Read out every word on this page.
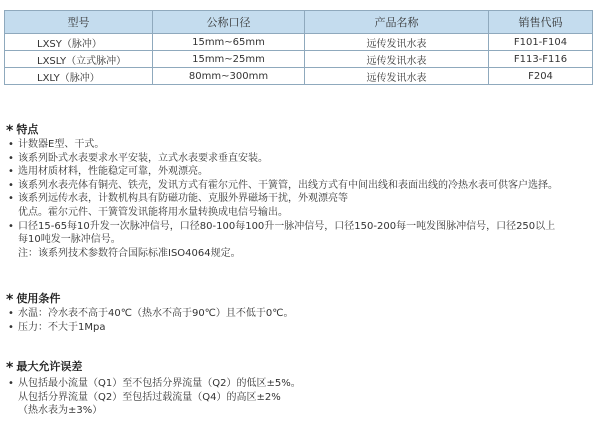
型号	公称口径	产品名称	销售代码
LXSY（脉冲）	15mm~65mm	远传发讯水表	F101-F104
LXSLY（立式脉冲）	15mm~25mm	远传发讯水表	F113-F116
LXLY（脉冲）	80mm~300mm	远传发讯水表	F204
* 特点
• 计数器E型、干式。
• 该系列卧式水表要求水平安装，立式水表要求垂直安装。
• 选用材质材料，性能稳定可靠，外观漂亮。
• 该系列水表壳体有铜壳、铁壳，发讯方式有霍尔元件、干簧管，出线方式有中间出线和表面出线的冷热水表可供客户选择。
• 该系列远传水表，计数机构具有防磁功能、克服外界磁场干扰，外观漂亮等
优点。霍尔元件、干簧管发讯能将用水量转换成电信号输出。
• 口径15-65每10升发一次脉冲信号，口径80-100每100升一脉冲信号，口径150-200每一吨发图脉冲信号，口径250以上
每10吨发一脉冲信号。
注：该系列技术参数符合国际标准ISO4064规定。
* 使用条件
• 水温：冷水表不高于40℃（热水不高于90℃）且不低于0℃。
• 压力：不大于1Mpa
* 最大允许误差
• 从包括最小流量（Q1）至不包括分界流量（Q2）的低区±5%。
从包括分界流量（Q2）至包括过载流量（Q4）的高区±2%
（热水表为±3%）
